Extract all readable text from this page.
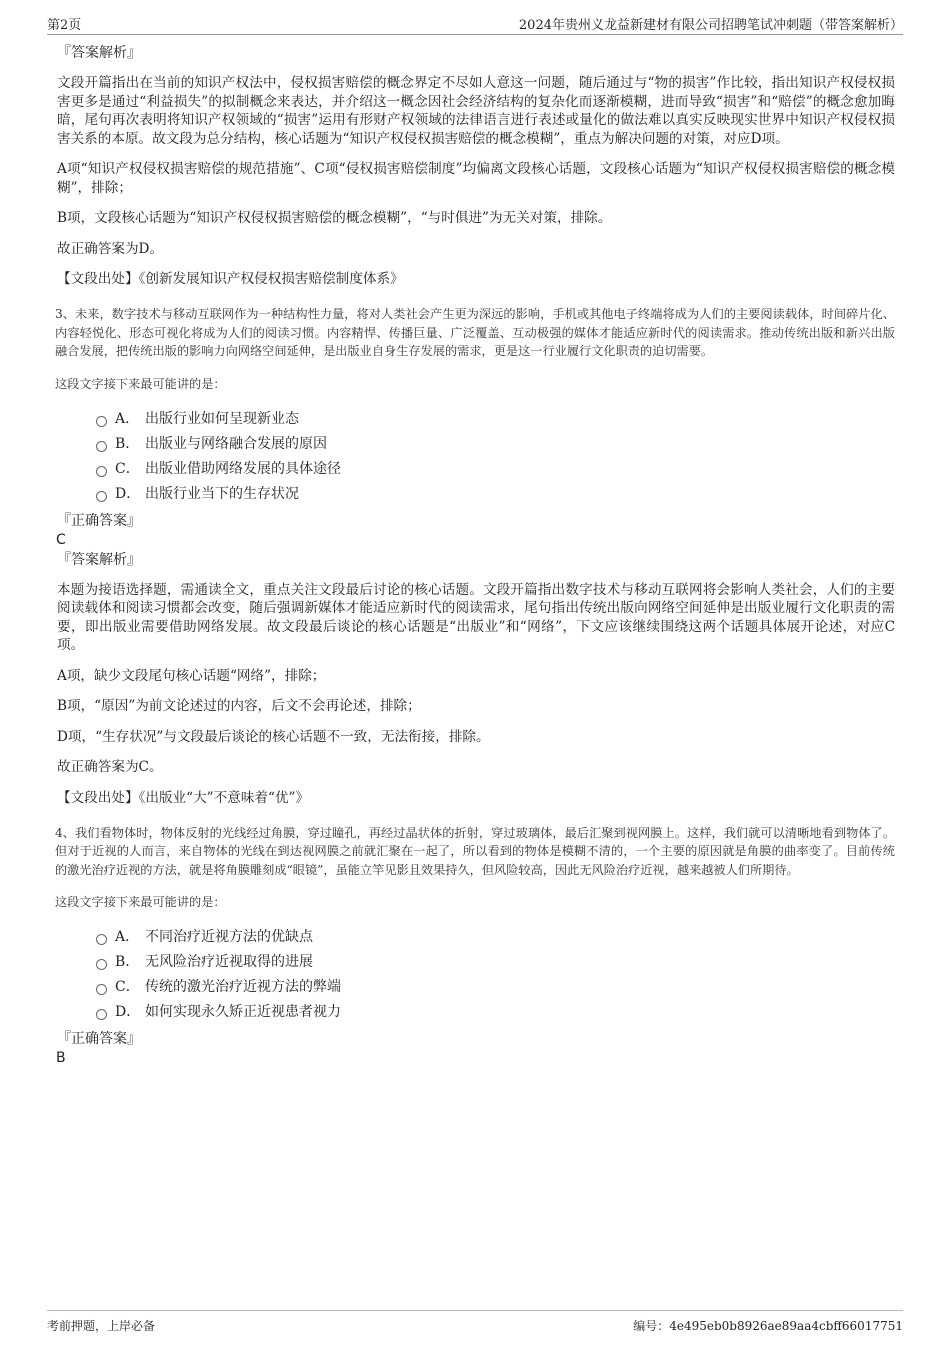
第2页	2024年贵州义龙益新建材有限公司招聘笔试冲刺题（带答案解析）
『答案解析』

文段开篇指出在当前的知识产权法中，侵权损害赔偿的概念界定不尽如人意这一问题，随后通过与“物的损害”作比较，指出知识产权侵权损害更多是通过“利益损失”的拟制概念来表达，并介绍这一概念因社会经济结构的复杂化而逐渐模糊，进而导致“损害”和“赔偿”的概念愈加晦暗，尾句再次表明将知识产权领域的“损害”运用有形财产权领域的法律语言进行表述或量化的做法难以真实反映现实世界中知识产权侵权损害关系的本原。故文段为总分结构，核心话题为“知识产权侵权损害赔偿的概念模糊”，重点为解决问题的对策，对应D项。

A项“知识产权侵权损害赔偿的规范措施”、C项“侵权损害赔偿制度”均偏离文段核心话题，文段核心话题为“知识产权侵权损害赔偿的概念模糊”，排除；

B项，文段核心话题为“知识产权侵权损害赔偿的概念模糊”，“与时俱进”为无关对策，排除。

故正确答案为D。

【文段出处】《创新发展知识产权侵权损害赔偿制度体系》

3、未来，数字技术与移动互联网作为一种结构性力量，将对人类社会产生更为深远的影响，手机或其他电子终端将成为人们的主要阅读载体，时间碎片化、内容轻悦化、形态可视化将成为人们的阅读习惯。内容精悍、传播巨量、广泛覆盖、互动极强的媒体才能适应新时代的阅读需求。推动传统出版和新兴出版融合发展，把传统出版的影响力向网络空间延伸，是出版业自身生存发展的需求，更是这一行业履行文化职责的迫切需要。

这段文字接下来最可能讲的是：
A． 出版行业如何呈现新业态
B． 出版业与网络融合发展的原因
C． 出版业借助网络发展的具体途径
D． 出版行业当下的生存状况
『正确答案』
C
『答案解析』

本题为接语选择题，需通读全文，重点关注文段最后讨论的核心话题。文段开篇指出数字技术与移动互联网将会影响人类社会，人们的主要阅读载体和阅读习惯都会改变，随后强调新媒体才能适应新时代的阅读需求，尾句指出传统出版向网络空间延伸是出版业履行文化职责的需要，即出版业需要借助网络发展。故文段最后谈论的核心话题是“出版业”和“网络”，下文应该继续围绕这两个话题具体展开论述，对应C项。

A项，缺少文段尾句核心话题“网络”，排除；

B项，“原因”为前文论述过的内容，后文不会再论述，排除；

D项，“生存状况”与文段最后谈论的核心话题不一致，无法衔接，排除。

故正确答案为C。

【文段出处】《出版业“大”不意味着“优”》

4、我们看物体时，物体反射的光线经过角膜，穿过瞳孔，再经过晶状体的折射，穿过玻璃体，最后汇聚到视网膜上。这样，我们就可以清晰地看到物体了。但对于近视的人而言，来自物体的光线在到达视网膜之前就汇聚在一起了，所以看到的物体是模糊不清的，一个主要的原因就是角膜的曲率变了。目前传统的激光治疗近视的方法，就是将角膜雕刻成“眼镜”，虽能立竿见影且效果持久，但风险较高，因此无风险治疗近视，越来越被人们所期待。

这段文字接下来最可能讲的是：
A． 不同治疗近视方法的优缺点
B． 无风险治疗近视取得的进展
C． 传统的激光治疗近视方法的弊端
D． 如何实现永久矫正近视患者视力
『正确答案』
B
考前押题，上岸必备	编号：4e495eb0b8926ae89aa4cbff66017751
